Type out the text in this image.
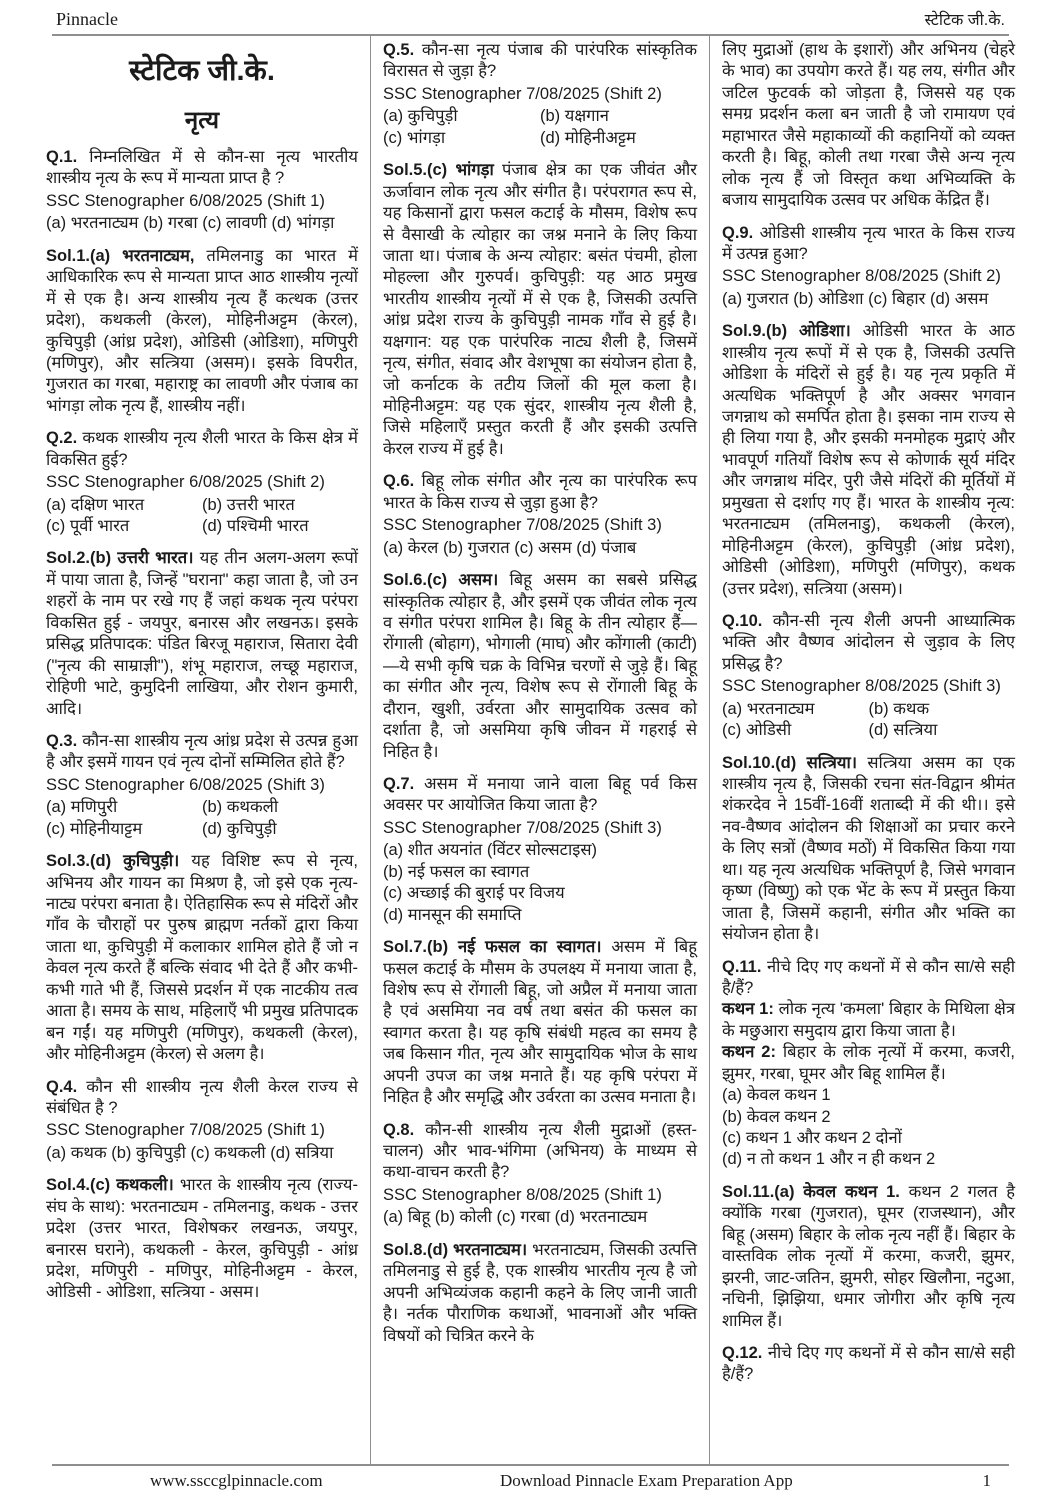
Pinnacle	स्टेटिक जी.के.
स्टेटिक जी.के.
नृत्य

Q.1. निम्नलिखित में से कौन-सा नृत्य भारतीय शास्त्रीय नृत्य के रूप में मान्यता प्राप्त है ?

SSC Stenographer 6/08/2025 (Shift 1)
(a) भरतनाट्यम (b) गरबा (c) लावणी (d) भांगड़ा

Sol.1.(a) भरतनाट्यम, तमिलनाडु का भारत में आधिकारिक रूप से मान्यता प्राप्त आठ शास्त्रीय नृत्यों में से एक है। अन्य शास्त्रीय नृत्य हैं कत्थक (उत्तर प्रदेश), कथकली (केरल), मोहिनीअट्टम (केरल), कुचिपुड़ी (आंध्र प्रदेश), ओडिसी (ओडिशा), मणिपुरी (मणिपुर), और सत्त्रिया (असम)। इसके विपरीत, गुजरात का गरबा, महाराष्ट्र का लावणी और पंजाब का भांगड़ा लोक नृत्य हैं, शास्त्रीय नहीं।

Q.2. कथक शास्त्रीय नृत्य शैली भारत के किस क्षेत्र में विकसित हुई?

SSC Stenographer 6/08/2025 (Shift 2)
(a) दक्षिण भारत	(b) उत्तरी भारत
(c) पूर्वी भारत	(d) पश्चिमी भारत

Sol.2.(b) उत्तरी भारत। यह तीन अलग-अलग रूपों में पाया जाता है, जिन्हें "घराना" कहा जाता है, जो उन शहरों के नाम पर रखे गए हैं जहां कथक नृत्य परंपरा विकसित हुई - जयपुर, बनारस और लखनऊ। इसके प्रसिद्ध प्रतिपादक: पंडित बिरजू महाराज, सितारा देवी ("नृत्य की साम्राज्ञी"), शंभू महाराज, लच्छू महाराज, रोहिणी भाटे, कुमुदिनी लाखिया, और रोशन कुमारी, आदि।

Q.3. कौन-सा शास्त्रीय नृत्य आंध्र प्रदेश से उत्पन्न हुआ है और इसमें गायन एवं नृत्य दोनों सम्मिलित होते हैं?

SSC Stenographer 6/08/2025 (Shift 3)
(a) मणिपुरी	(b) कथकली
(c) मोहिनीयाट्टम	(d) कुचिपुड़ी

Sol.3.(d) कुचिपुड़ी। यह विशिष्ट रूप से नृत्य, अभिनय और गायन का मिश्रण है, जो इसे एक नृत्य-नाट्य परंपरा बनाता है। ऐतिहासिक रूप से मंदिरों और गाँव के चौराहों पर पुरुष ब्राह्मण नर्तकों द्वारा किया जाता था, कुचिपुड़ी में कलाकार शामिल होते हैं जो न केवल नृत्य करते हैं बल्कि संवाद भी देते हैं और कभी-कभी गाते भी हैं, जिससे प्रदर्शन में एक नाटकीय तत्व आता है। समय के साथ, महिलाएँ भी प्रमुख प्रतिपादक बन गईं। यह मणिपुरी (मणिपुर), कथकली (केरल), और मोहिनीअट्टम (केरल) से अलग है।

Q.4. कौन सी शास्त्रीय नृत्य शैली केरल राज्य से संबंधित है ?

SSC Stenographer 7/08/2025 (Shift 1)
(a) कथक (b) कुचिपुड़ी (c) कथकली (d) सत्रिया

Sol.4.(c) कथकली। भारत के शास्त्रीय नृत्य (राज्य-संघ के साथ): भरतनाट्यम - तमिलनाडु, कथक - उत्तर प्रदेश (उत्तर भारत, विशेषकर लखनऊ, जयपुर, बनारस घराने), कथकली - केरल, कुचिपुड़ी - आंध्र प्रदेश, मणिपुरी - मणिपुर, मोहिनीअट्टम - केरल, ओडिसी - ओडिशा, सत्त्रिया - असम।

Q.5. कौन-सा नृत्य पंजाब की पारंपरिक सांस्कृतिक विरासत से जुड़ा है?

SSC Stenographer 7/08/2025 (Shift 2)
(a) कुचिपुड़ी	(b) यक्षगान
(c) भांगड़ा	(d) मोहिनीअट्टम

Sol.5.(c) भांगड़ा पंजाब क्षेत्र का एक जीवंत और ऊर्जावान लोक नृत्य और संगीत है। परंपरागत रूप से, यह किसानों द्वारा फसल कटाई के मौसम, विशेष रूप से वैसाखी के त्योहार का जश्न मनाने के लिए किया जाता था। पंजाब के अन्य त्योहार: बसंत पंचमी, होला मोहल्ला और गुरुपर्व। कुचिपुड़ी: यह आठ प्रमुख भारतीय शास्त्रीय नृत्यों में से एक है, जिसकी उत्पत्ति आंध्र प्रदेश राज्य के कुचिपुड़ी नामक गाँव से हुई है। यक्षगान: यह एक पारंपरिक नाट्य शैली है, जिसमें नृत्य, संगीत, संवाद और वेशभूषा का संयोजन होता है, जो कर्नाटक के तटीय जिलों की मूल कला है। मोहिनीअट्टम: यह एक सुंदर, शास्त्रीय नृत्य शैली है, जिसे महिलाएँ प्रस्तुत करती हैं और इसकी उत्पत्ति केरल राज्य में हुई है।

Q.6. बिहू लोक संगीत और नृत्य का पारंपरिक रूप भारत के किस राज्य से जुड़ा हुआ है?

SSC Stenographer 7/08/2025 (Shift 3)
(a) केरल (b) गुजरात (c) असम (d) पंजाब

Sol.6.(c) असम। बिहू असम का सबसे प्रसिद्ध सांस्कृतिक त्योहार है, और इसमें एक जीवंत लोक नृत्य व संगीत परंपरा शामिल है। बिहू के तीन त्योहार हैं—रोंगाली (बोहाग), भोगाली (माघ) और कोंगाली (काटी)—ये सभी कृषि चक्र के विभिन्न चरणों से जुड़े हैं। बिहू का संगीत और नृत्य, विशेष रूप से रोंगाली बिहू के दौरान, खुशी, उर्वरता और सामुदायिक उत्सव को दर्शाता है, जो असमिया कृषि जीवन में गहराई से निहित है।

Q.7. असम में मनाया जाने वाला बिहू पर्व किस अवसर पर आयोजित किया जाता है?

SSC Stenographer 7/08/2025 (Shift 3)
(a) शीत अयनांत (विंटर सोल्सटाइस)
(b) नई फसल का स्वागत
(c) अच्छाई की बुराई पर विजय
(d) मानसून की समाप्ति

Sol.7.(b) नई फसल का स्वागत। असम में बिहू फसल कटाई के मौसम के उपलक्ष्य में मनाया जाता है, विशेष रूप से रोंगाली बिहू, जो अप्रैल में मनाया जाता है एवं असमिया नव वर्ष तथा बसंत की फसल का स्वागत करता है। यह कृषि संबंधी महत्व का समय है जब किसान गीत, नृत्य और सामुदायिक भोज के साथ अपनी उपज का जश्न मनाते हैं। यह कृषि परंपरा में निहित है और समृद्धि और उर्वरता का उत्सव मनाता है।

Q.8. कौन-सी शास्त्रीय नृत्य शैली मुद्राओं (हस्त-चालन) और भाव-भंगिमा (अभिनय) के माध्यम से कथा-वाचन करती है?

SSC Stenographer 8/08/2025 (Shift 1)
(a) बिहू (b) कोली (c) गरबा (d) भरतनाट्यम

Sol.8.(d) भरतनाट्यम। भरतनाट्यम, जिसकी उत्पत्ति तमिलनाडु से हुई है, एक शास्त्रीय भारतीय नृत्य है जो अपनी अभिव्यंजक कहानी कहने के लिए जानी जाती है। नर्तक पौराणिक कथाओं, भावनाओं और भक्ति विषयों को चित्रित करने के

लिए मुद्राओं (हाथ के इशारों) और अभिनय (चेहरे के भाव) का उपयोग करते हैं। यह लय, संगीत और जटिल फुटवर्क को जोड़ता है, जिससे यह एक समग्र प्रदर्शन कला बन जाती है जो रामायण एवं महाभारत जैसे महाकाव्यों की कहानियों को व्यक्त करती है। बिहू, कोली तथा गरबा जैसे अन्य नृत्य लोक नृत्य हैं जो विस्तृत कथा अभिव्यक्ति के बजाय सामुदायिक उत्सव पर अधिक केंद्रित हैं।

Q.9. ओडिसी शास्त्रीय नृत्य भारत के किस राज्य में उत्पन्न हुआ?

SSC Stenographer 8/08/2025 (Shift 2)
(a) गुजरात (b) ओडिशा (c) बिहार (d) असम

Sol.9.(b) ओडिशा। ओडिसी भारत के आठ शास्त्रीय नृत्य रूपों में से एक है, जिसकी उत्पत्ति ओडिशा के मंदिरों से हुई है। यह नृत्य प्रकृति में अत्यधिक भक्तिपूर्ण है और अक्सर भगवान जगन्नाथ को समर्पित होता है। इसका नाम राज्य से ही लिया गया है, और इसकी मनमोहक मुद्राएं और भावपूर्ण गतियाँ विशेष रूप से कोणार्क सूर्य मंदिर और जगन्नाथ मंदिर, पुरी जैसे मंदिरों की मूर्तियों में प्रमुखता से दर्शाए गए हैं। भारत के शास्त्रीय नृत्य: भरतनाट्यम (तमिलनाडु), कथकली (केरल), मोहिनीअट्टम (केरल), कुचिपुड़ी (आंध्र प्रदेश), ओडिसी (ओडिशा), मणिपुरी (मणिपुर), कथक (उत्तर प्रदेश), सत्त्रिया (असम)।

Q.10. कौन-सी नृत्य शैली अपनी आध्यात्मिक भक्ति और वैष्णव आंदोलन से जुड़ाव के लिए प्रसिद्ध है?

SSC Stenographer 8/08/2025 (Shift 3)
(a) भरतनाट्यम	(b) कथक
(c) ओडिसी	(d) सत्त्रिया

Sol.10.(d) सत्त्रिया। सत्त्रिया असम का एक शास्त्रीय नृत्य है, जिसकी रचना संत-विद्वान श्रीमंत शंकरदेव ने 15वीं-16वीं शताब्दी में की थी।। इसे नव-वैष्णव आंदोलन की शिक्षाओं का प्रचार करने के लिए सत्रों (वैष्णव मठों) में विकसित किया गया था। यह नृत्य अत्यधिक भक्तिपूर्ण है, जिसे भगवान कृष्ण (विष्णु) को एक भेंट के रूप में प्रस्तुत किया जाता है, जिसमें कहानी, संगीत और भक्ति का संयोजन होता है।

Q.11. नीचे दिए गए कथनों में से कौन सा/से सही है/हैं?

कथन 1: लोक नृत्य 'कमला' बिहार के मिथिला क्षेत्र के मछुआरा समुदाय द्वारा किया जाता है।

कथन 2: बिहार के लोक नृत्यों में करमा, कजरी, झुमर, गरबा, घूमर और बिहू शामिल हैं।

(a) केवल कथन 1
(b) केवल कथन 2
(c) कथन 1 और कथन 2 दोनों
(d) न तो कथन 1 और न ही कथन 2

Sol.11.(a) केवल कथन 1. कथन 2 गलत है क्योंकि गरबा (गुजरात), घूमर (राजस्थान), और बिहू (असम) बिहार के लोक नृत्य नहीं हैं। बिहार के वास्तविक लोक नृत्यों में करमा, कजरी, झुमर, झरनी, जाट-जतिन, झुमरी, सोहर खिलौना, नटुआ, नचिनी, झिझिया, धमार जोगीरा और कृषि नृत्य शामिल हैं।

Q.12. नीचे दिए गए कथनों में से कौन सा/से सही है/हैं?

www.ssccglpinnacle.com	Download Pinnacle Exam Preparation App	1
